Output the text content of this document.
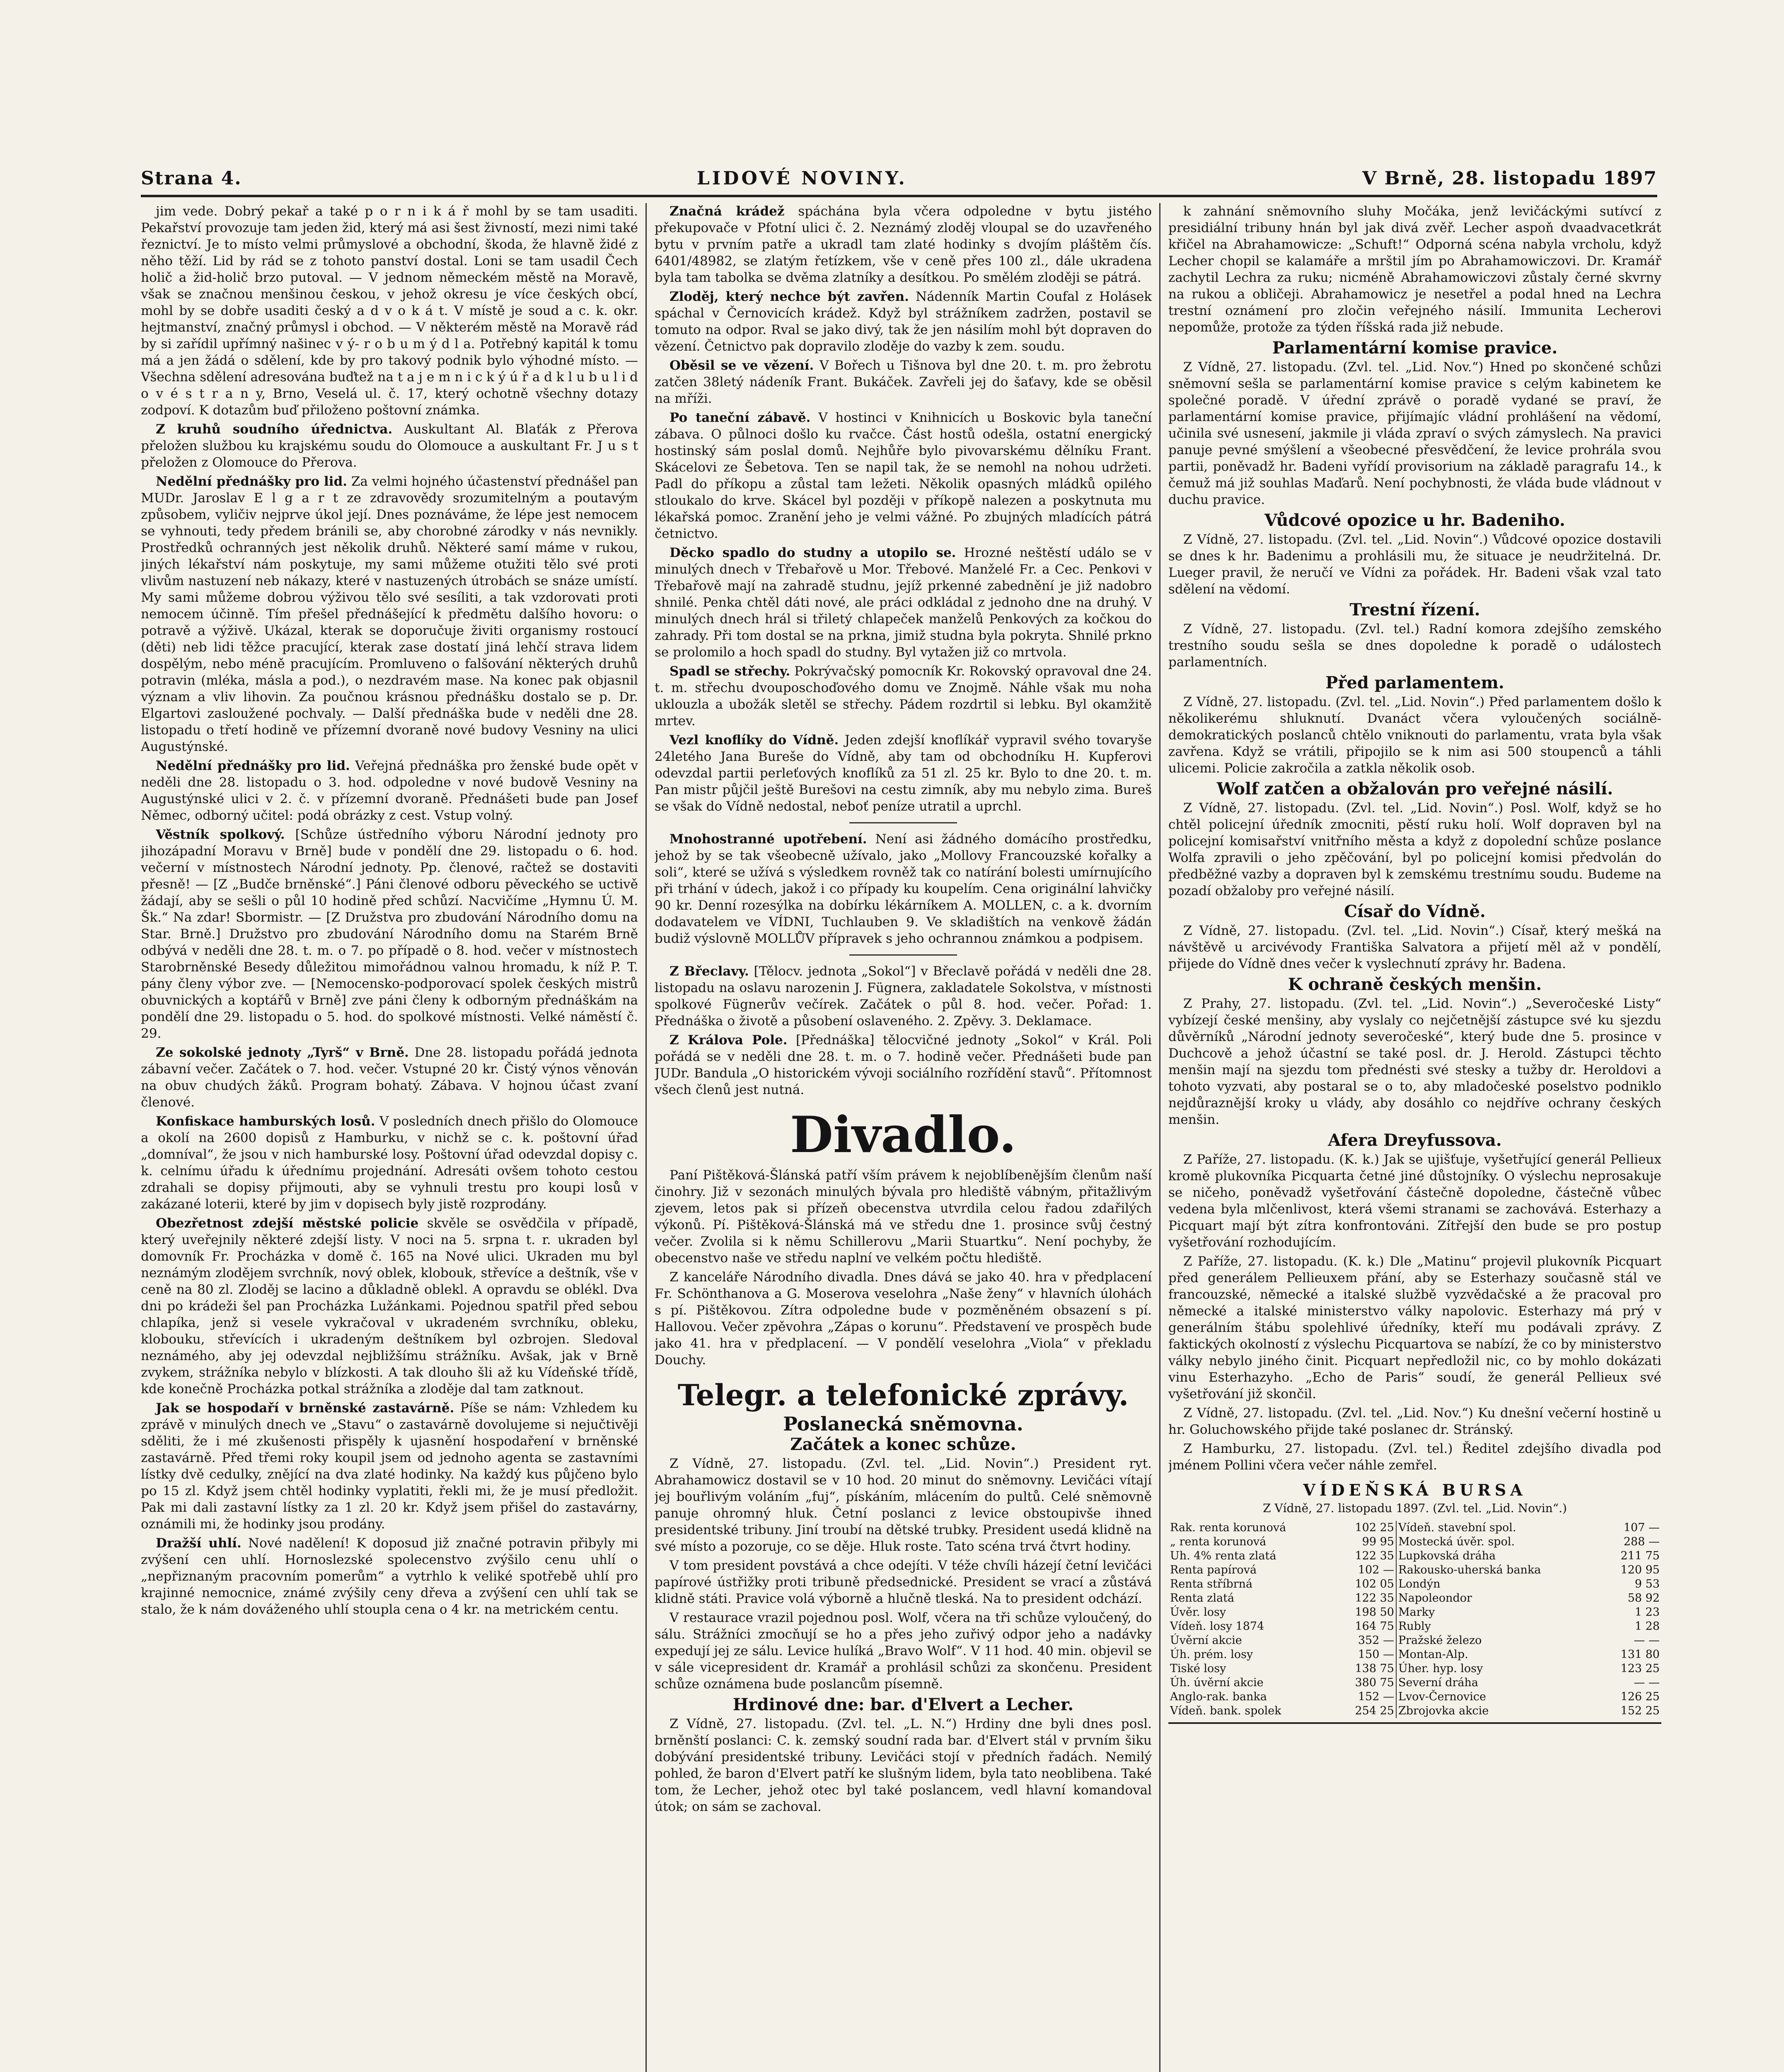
Strana 4.	LIDOVÉ NOVINY.	V Brně, 28. listopadu 1897

jim vede. Dobrý pekař a také p o r n i k á ř mohl by se tam usaditi. Pekařství provozuje tam jeden žid, který má asi šest živností, mezi nimi také řeznictví. Je to místo velmi průmyslové a obchodní, škoda, že hlavně židé z něho těží. Lid by rád se z tohoto panství dostal. Loni se tam usadil Čech holič a žid-holič brzo putoval. — V jednom německém městě na Moravě, však se značnou menšinou českou, v jehož okresu je více českých obcí, mohl by se dobře usaditi český a d v o k á t. V místě je soud a c. k. okr. hejtmanství, značný průmysl i obchod. — V některém městě na Moravě rád by si zařídil upřímný našinec v ý- r o b u m ý d l a. Potřebný kapitál k tomu má a jen žádá o sdělení, kde by pro takový podnik bylo výhodné místo. — Všechna sdělení adresována buďtež na t a j e m n i c k ý ú ř a d k l u b u l i d o v é s t r a n y, Brno, Veselá ul. č. 17, který ochotně všechny dotazy zodpoví. K dotazům buď přiloženo poštovní známka.

Z kruhů soudního úřednictva. Auskultant Al. Blaťák z Přerova přeložen službou ku krajskému soudu do Olomouce a auskultant Fr. J u s t přeložen z Olomouce do Přerova.

Nedělní přednášky pro lid. Za velmi hojného účastenství přednášel pan MUDr. Jaroslav E l g a r t ze zdravovědy srozumitelným a poutavým způsobem, vyličiv nejprve úkol její. Dnes poznáváme, že lépe jest nemocem se vyhnouti, tedy předem bránili se, aby chorobné zárodky v nás nevnikly. Prostředků ochranných jest několik druhů. Některé samí máme v rukou, jiných lékařství nám poskytuje, my sami můžeme otužiti tělo své proti vlivům nastuzení neb nákazy, které v nastuzených útrobách se snáze umístí. My sami můžeme dobrou výživou tělo své sesíliti, a tak vzdorovati proti nemocem účinně. Tím přešel přednášející k předmětu dalšího hovoru: o potravě a výživě. Ukázal, kterak se doporučuje živiti organismy rostoucí (děti) neb lidi těžce pracující, kterak zase dostatí jiná lehčí strava lidem dospělým, nebo méně pracujícím. Promluveno o falšování některých druhů potravin (mléka, másla a pod.), o nezdravém mase. Na konec pak objasnil význam a vliv lihovin. Za poučnou krásnou přednášku dostalo se p. Dr. Elgartovi zasloužené pochvaly. — Další přednáška bude v neděli dne 28. listopadu o třetí hodině ve přízemní dvoraně nové budovy Vesniny na ulici Augustýnské.

Nedělní přednášky pro lid. Veřejná přednáška pro ženské bude opět v neděli dne 28. listopadu o 3. hod. odpoledne v nové budově Vesniny na Augustýnské ulici v 2. č. v přízemní dvoraně. Přednášeti bude pan Josef Němec, odborný učitel: podá obrázky z cest. Vstup volný.

Věstník spolkový. [Schůze ústředního výboru Národní jednoty pro jihozápadní Moravu v Brně] bude v pondělí dne 29. listopadu o 6. hod. večerní v místnostech Národní jednoty. Pp. členové, račtež se dostaviti přesně! — [Z „Budče brněnské“.] Páni členové odboru pěveckého se uctivě žádají, aby se sešli o půl 10 hodině před schůzí. Nacvičíme „Hymnu Ú. M. Šk.“ Na zdar! Sbormistr. — [Z Družstva pro zbudování Národního domu na Star. Brně.] Družstvo pro zbudování Národního domu na Starém Brně odbývá v neděli dne 28. t. m. o 7. po případě o 8. hod. večer v místnostech Starobrněnské Besedy důležitou mimořádnou valnou hromadu, k níž P. T. pány členy výbor zve. — [Nemocensko-podporovací spolek českých mistrů obuvnických a koptářů v Brně] zve páni členy k odborným přednáškám na pondělí dne 29. listopadu o 5. hod. do spolkové místnosti. Velké náměstí č. 29.

Ze sokolské jednoty „Tyrš“ v Brně. Dne 28. listopadu pořádá jednota zábavní večer. Začátek o 7. hod. večer. Vstupné 20 kr. Čistý výnos věnován na obuv chudých žáků. Program bohatý. Zábava. V hojnou účast zvaní členové.

Konfiskace hamburských losů. V posledních dnech přišlo do Olomouce a okolí na 2600 dopisů z Hamburku, v nichž se c. k. poštovní úřad „domníval“, že jsou v nich hamburské losy. Poštovní úřad odevzdal dopisy c. k. celnímu úřadu k úřednímu projednání. Adresáti ovšem tohoto cestou zdrahali se dopisy přijmouti, aby se vyhnuli trestu pro koupi losů v zakázané loterii, které by jim v dopisech byly jistě rozprodány.

Obezřetnost zdejší městské policie skvěle se osvědčila v případě, který uveřejnily některé zdejší listy. V noci na 5. srpna t. r. ukraden byl domovník Fr. Procházka v domě č. 165 na Nové ulici. Ukraden mu byl neznámým zlodějem svrchník, nový oblek, klobouk, střevíce a deštník, vše v ceně na 80 zl. Zloděj se lacino a důkladně oblekl. A opravdu se oblékl. Dva dni po krádeži šel pan Procházka Lužánkami. Pojednou spatřil před sebou chlapíka, jenž si vesele vykračoval v ukradeném svrchníku, obleku, klobouku, střevících i ukradeným deštníkem byl ozbrojen. Sledoval neznámého, aby jej odevzdal nejbližšímu strážníku. Avšak, jak v Brně zvykem, strážníka nebylo v blízkosti. A tak dlouho šli až ku Vídeňské třídě, kde konečně Procházka potkal strážníka a zloděje dal tam zatknout.

Jak se hospodaří v brněnské zastavárně. Píše se nám: Vzhledem ku zprávě v minulých dnech ve „Stavu“ o zastavárně dovolujeme si nejučtivěji sděliti, že i mé zkušenosti přispěly k ujasnění hospodaření v brněnské zastavárně. Před třemi roky koupil jsem od jednoho agenta se zastavními lístky dvě cedulky, znějící na dva zlaté hodinky. Na každý kus půjčeno bylo po 15 zl. Když jsem chtěl hodinky vyplatiti, řekli mi, že je musí předložit. Pak mi dali zastavní lístky za 1 zl. 20 kr. Když jsem přišel do zastavárny, oznámili mi, že hodinky jsou prodány.

Dražší uhlí. Nové nadělení! K doposud již značné potravin přibyly mi zvýšení cen uhlí. Hornoslezské spolecenstvo zvýšilo cenu uhlí o „nepřiznaným pracovním pomerům“ a vytrhlo k veliké spotřebě uhlí pro krajinné nemocnice, známé zvýšily ceny dřeva a zvýšení cen uhlí tak se stalo, že k nám dováženého uhlí stoupla cena o 4 kr. na metrickém centu.

Značná krádež spáchána byla včera odpoledne v bytu jistého překupovače v Pfotní ulici č. 2. Neznámý zloděj vloupal se do uzavřeného bytu v prvním patře a ukradl tam zlaté hodinky s dvojím pláštěm čís. 6401/48982, se zlatým řetízkem, vše v ceně přes 100 zl., dále ukradena byla tam tabolka se dvěma zlatníky a desítkou. Po smělém zloději se pátrá.

Zloděj, který nechce být zavřen. Nádenník Martin Coufal z Holásek spáchal v Černovicích krádež. Když byl strážníkem zadržen, postavil se tomuto na odpor. Rval se jako divý, tak že jen násilím mohl být dopraven do vězení. Četnictvo pak dopravilo zloděje do vazby k zem. soudu.

Oběsil se ve vězení. V Bořech u Tišnova byl dne 20. t. m. pro žebrotu zatčen 38letý nádeník Frant. Bukáček. Zavřeli jej do šaťavy, kde se oběsil na mříži.

Po taneční zábavě. V hostinci v Knihnicích u Boskovic byla taneční zábava. O půlnoci došlo ku rvačce. Část hostů odešla, ostatní energický hostinský sám poslal domů. Nejhůře bylo pivovarskému dělníku Frant. Skácelovi ze Šebetova. Ten se napil tak, že se nemohl na nohou udržeti. Padl do příkopu a zůstal tam ležeti. Několik opasných mládků opilého stloukalo do krve. Skácel byl později v příkopě nalezen a poskytnuta mu lékařská pomoc. Zranění jeho je velmi vážné. Po zbujných mladících pátrá četnictvo.

Děcko spadlo do studny a utopilo se. Hrozné neštěstí událo se v minulých dnech v Třebařově u Mor. Třebové. Manželé Fr. a Cec. Penkovi v Třebařově mají na zahradě studnu, jejíž prkenné zabednění je již nadobro shnilé. Penka chtěl dáti nové, ale práci odkládal z jednoho dne na druhý. V minulých dnech hrál si třiletý chlapeček manželů Penkových za kočkou do zahrady. Při tom dostal se na prkna, jimiž studna byla pokryta. Shnilé prkno se prolomilo a hoch spadl do studny. Byl vytažen již co mrtvola.

Spadl se střechy. Pokrývačský pomocník Kr. Rokovský opravoval dne 24. t. m. střechu dvouposchoďového domu ve Znojmě. Náhle však mu noha uklouzla a ubožák sletěl se střechy. Pádem rozdrtil si lebku. Byl okamžitě mrtev.

Vezl knoflíky do Vídně. Jeden zdejší knoflíkář vypravil svého tovaryše 24letého Jana Bureše do Vídně, aby tam od obchodníku H. Kupferovi odevzdal partii perleťových knoflíků za 51 zl. 25 kr. Bylo to dne 20. t. m. Pan mistr půjčil ještě Burešovi na cestu zimník, aby mu nebylo zima. Bureš se však do Vídně nedostal, neboť peníze utratil a uprchl.

Mnohostranné upotřebení. Není asi žádného domácího prostředku, jehož by se tak všeobecně užívalo, jako „Mollovy Francouzské kořalky a soli“, které se užívá s výsledkem rovněž tak co natírání bolesti umírnujícího při trhání v údech, jakož i co případy ku koupelím. Cena originální lahvičky 90 kr. Denní rozesýlka na dobírku lékárníkem A. MOLLEN, c. a k. dvorním dodavatelem ve VÍDNI, Tuchlauben 9. Ve skladištích na venkově žádán budiž výslovně MOLLŮV přípravek s jeho ochrannou známkou a podpisem.

Z Břeclavy. [Tělocv. jednota „Sokol“] v Břeclavě pořádá v neděli dne 28. listopadu na oslavu narozenin J. Fügnera, zakladatele Sokolstva, v místnosti spolkové Fügnerův večírek. Začátek o půl 8. hod. večer. Pořad: 1. Přednáška o životě a působení oslaveného. 2. Zpěvy. 3. Deklamace.

Z Králova Pole. [Přednáška] tělocvičné jednoty „Sokol“ v Král. Poli pořádá se v neděli dne 28. t. m. o 7. hodině večer. Přednášeti bude pan JUDr. Bandula „O historickém vývoji sociálního rozřídění stavů“. Přítomnost všech členů jest nutná.

Divadlo.

Paní Pištěková-Šlánská patří vším právem k nejoblíbenějším členům naší činohry. Již v sezonách minulých bývala pro hlediště vábným, přitažlivým zjevem, letos pak si přízeň obecenstva utvrdila celou řadou zdařilých výkonů. Pí. Pištěková-Šlánská má ve středu dne 1. prosince svůj čestný večer. Zvolila si k němu Schillerovu „Marii Stuartku“. Není pochyby, že obecenstvo naše ve středu naplní ve velkém počtu hlediště.

Z kanceláře Národního divadla. Dnes dává se jako 40. hra v předplacení Fr. Schönthanova a G. Moserova veselohra „Naše ženy“ v hlavních úlohách s pí. Pištěkovou. Zítra odpoledne bude v pozměněném obsazení s pí. Hallovou. Večer zpěvohra „Zápas o korunu“. Představení ve prospěch bude jako 41. hra v předplacení. — V pondělí veselohra „Viola“ v překladu Douchy.

Telegr. a telefonické zprávy.
Poslanecká sněmovna.
Začátek a konec schůze.

Z Vídně, 27. listopadu. (Zvl. tel. „Lid. Novin“.) President ryt. Abrahamowicz dostavil se v 10 hod. 20 minut do sněmovny. Levičáci vítají jej bouřlivým voláním „fuj“, pískáním, mlácením do pultů. Celé sněmovně panuje ohromný hluk. Četní poslanci z levice obstoupivše ihned presidentské tribuny. Jiní troubí na dětské trubky. President usedá klidně na své místo a pozoruje, co se děje. Hluk roste. Tato scéna trvá čtvrt hodiny.

V tom president povstává a chce odejíti. V téže chvíli házejí četní levičáci papírové ústřižky proti tribuně předsednické. President se vrací a zůstává klidně státi. Pravice volá výborně a hlučně tleská. Na to president odchází.

V restaurace vrazil pojednou posl. Wolf, včera na tři schůze vyloučený, do sálu. Strážníci zmocňují se ho a přes jeho zuřivý odpor jeho a nadávky expedují jej ze sálu. Levice hulíká „Bravo Wolf“. V 11 hod. 40 min. objevil se v sále vicepresident dr. Kramář a prohlásil schůzi za skončenu. President schůze oznámena bude poslancům písemně.

Hrdinové dne: bar. d'Elvert a Lecher.

Z Vídně, 27. listopadu. (Zvl. tel. „L. N.“) Hrdiny dne byli dnes posl. brněnští poslanci: C. k. zemský soudní rada bar. d'Elvert stál v prvním šiku dobývání presidentské tribuny. Levičáci stojí v předních řadách. Nemilý pohled, že baron d'Elvert patří ke slušným lidem, byla tato neoblibena. Také tom, že Lecher, jehož otec byl také poslancem, vedl hlavní komandoval útok; on sám se zachoval.

k zahnání sněmovního sluhy Močáka, jenž levičáckými sutívcí z presidiální tribuny hnán byl jak divá zvěř. Lecher aspoň dvaadvacetkrát křičel na Abrahamowicze: „Schuft!“ Odporná scéna nabyla vrcholu, když Lecher chopil se kalamáře a mrštil jím po Abrahamowiczovi. Dr. Kramář zachytil Lechra za ruku; nicméně Abrahamowiczovi zůstaly černé skvrny na rukou a obličeji. Abrahamowicz je nesetřel a podal hned na Lechra trestní oznámení pro zločin veřejného násilí. Immunita Lecherovi nepomůže, protože za týden říšská rada již nebude.

Parlamentární komise pravice.

Z Vídně, 27. listopadu. (Zvl. tel. „Lid. Nov.“) Hned po skončené schůzi sněmovní sešla se parlamentární komise pravice s celým kabinetem ke společné poradě. V úřední zprávě o poradě vydané se praví, že parlamentární komise pravice, přijímajíc vládní prohlášení na vědomí, učinila své usnesení, jakmile ji vláda zpraví o svých zámyslech. Na pravici panuje pevné smýšlení a všeobecné přesvědčení, že levice prohrála svou partii, poněvadž hr. Badeni vyřídí provisorium na základě paragrafu 14., k čemuž má již souhlas Maďarů. Není pochybnosti, že vláda bude vládnout v duchu pravice.

Vůdcové opozice u hr. Badeniho.

Z Vídně, 27. listopadu. (Zvl. tel. „Lid. Novin“.) Vůdcové opozice dostavili se dnes k hr. Badenimu a prohlásili mu, že situace je neudržitelná. Dr. Lueger pravil, že neručí ve Vídni za pořádek. Hr. Badeni však vzal tato sdělení na vědomí.

Trestní řízení.

Z Vídně, 27. listopadu. (Zvl. tel.) Radní komora zdejšího zemského trestního soudu sešla se dnes dopoledne k poradě o událostech parlamentních.

Před parlamentem.

Z Vídně, 27. listopadu. (Zvl. tel. „Lid. Novin“.) Před parlamentem došlo k několikerému shluknutí. Dvanáct včera vyloučených sociálně-demokratických poslanců chtělo vniknouti do parlamentu, vrata byla však zavřena. Když se vrátili, připojilo se k nim asi 500 stoupenců a táhli ulicemi. Policie zakročila a zatkla několik osob.

Wolf zatčen a obžalován pro veřejné násilí.

Z Vídně, 27. listopadu. (Zvl. tel. „Lid. Novin“.) Posl. Wolf, když se ho chtěl policejní úředník zmocniti, pěstí ruku holí. Wolf dopraven byl na policejní komisařství vnitřního města a když z dopolední schůze poslance Wolfa zpravili o jeho zpěčování, byl po policejní komisi předvolán do předběžné vazby a dopraven byl k zemskému trestnímu soudu. Budeme na pozadí obžaloby pro veřejné násilí.

Císař do Vídně.

Z Vídně, 27. listopadu. (Zvl. tel. „Lid. Novin“.) Císař, který mešká na návštěvě u arcivévody Františka Salvatora a přijetí měl až v pondělí, přijede do Vídně dnes večer k vyslechnutí zprávy hr. Badena.

K ochraně českých menšin.

Z Prahy, 27. listopadu. (Zvl. tel. „Lid. Novin“.) „Severočeské Listy“ vybízejí české menšiny, aby vyslaly co nejčetnější zástupce své ku sjezdu důvěrníků „Národní jednoty severočeské“, který bude dne 5. prosince v Duchcově a jehož účastní se také posl. dr. J. Herold. Zástupci těchto menšin mají na sjezdu tom přednésti své stesky a tužby dr. Heroldovi a tohoto vyzvati, aby postaral se o to, aby mladočeské poselstvo podniklo nejdůraznější kroky u vlády, aby dosáhlo co nejdříve ochrany českých menšin.

Afera Dreyfussova.

Z Paříže, 27. listopadu. (K. k.) Jak se ujišťuje, vyšetřující generál Pellieux kromě plukovníka Picquarta četné jiné důstojníky. O výslechu neprosakuje se ničeho, poněvadž vyšetřování částečně dopoledne, částečně vůbec vedena byla mlčenlivost, která všemi stranami se zachovává. Esterhazy a Picquart mají být zítra konfrontováni. Zítřejší den bude se pro postup vyšetřování rozhodujícím.

Z Paříže, 27. listopadu. (K. k.) Dle „Matinu“ projevil plukovník Picquart před generálem Pellieuxem přání, aby se Esterhazy současně stál ve francouzské, německé a italské službě vyzvědačské a že pracoval pro německé a italské ministerstvo války napolovic. Esterhazy má prý v generálním štábu spolehlivé úředníky, kteří mu podávali zprávy. Z faktických okolností z výslechu Picquartova se nabízí, že co by ministerstvo války nebylo jiného činit. Picquart nepředložil nic, co by mohlo dokázati vinu Esterhazyho. „Echo de Paris“ soudí, že generál Pellieux své vyšetřování již skončil.

Z Vídně, 27. listopadu. (Zvl. tel. „Lid. Nov.“) Ku dnešní večerní hostině u hr. Goluchowského přijde také poslanec dr. Stránský.

Z Hamburku, 27. listopadu. (Zvl. tel.) Ředitel zdejšího divadla pod jménem Pollini včera večer náhle zemřel.

VÍDEŇSKÁ BURSA
Z Vídně, 27. listopadu 1897. (Zvl. tel. „Lid. Novin“.)
Rak. renta korunová	102 25	Vídeň. stavební spol.	107 —
„ renta korunová	99 95	Mostecká úvěr. spol.	288 —
Uh. 4% renta zlatá	122 35	Lupkovská dráha	211 75
Renta papírová	102 —	Rakousko-uherská banka	120 95
Renta stříbrná	102 05	Londýn	9 53
Renta zlatá	122 35	Napoleondor	58 92
Úvěr. losy	198 50	Marky	1 23
Vídeň. losy 1874	164 75	Rubly	1 28
Úvěrní akcie	352 —	Pražské železo	— —
Úh. prém. losy	150 —	Montan-Alp.	131 80
Tiské losy	138 75	Úher. hyp. losy	123 25
Úh. úvěrní akcie	380 75	Severní dráha	— —
Anglo-rak. banka	152 —	Lvov-Černovice	126 25
Vídeň. bank. spolek	254 25	Zbrojovka akcie	152 25
